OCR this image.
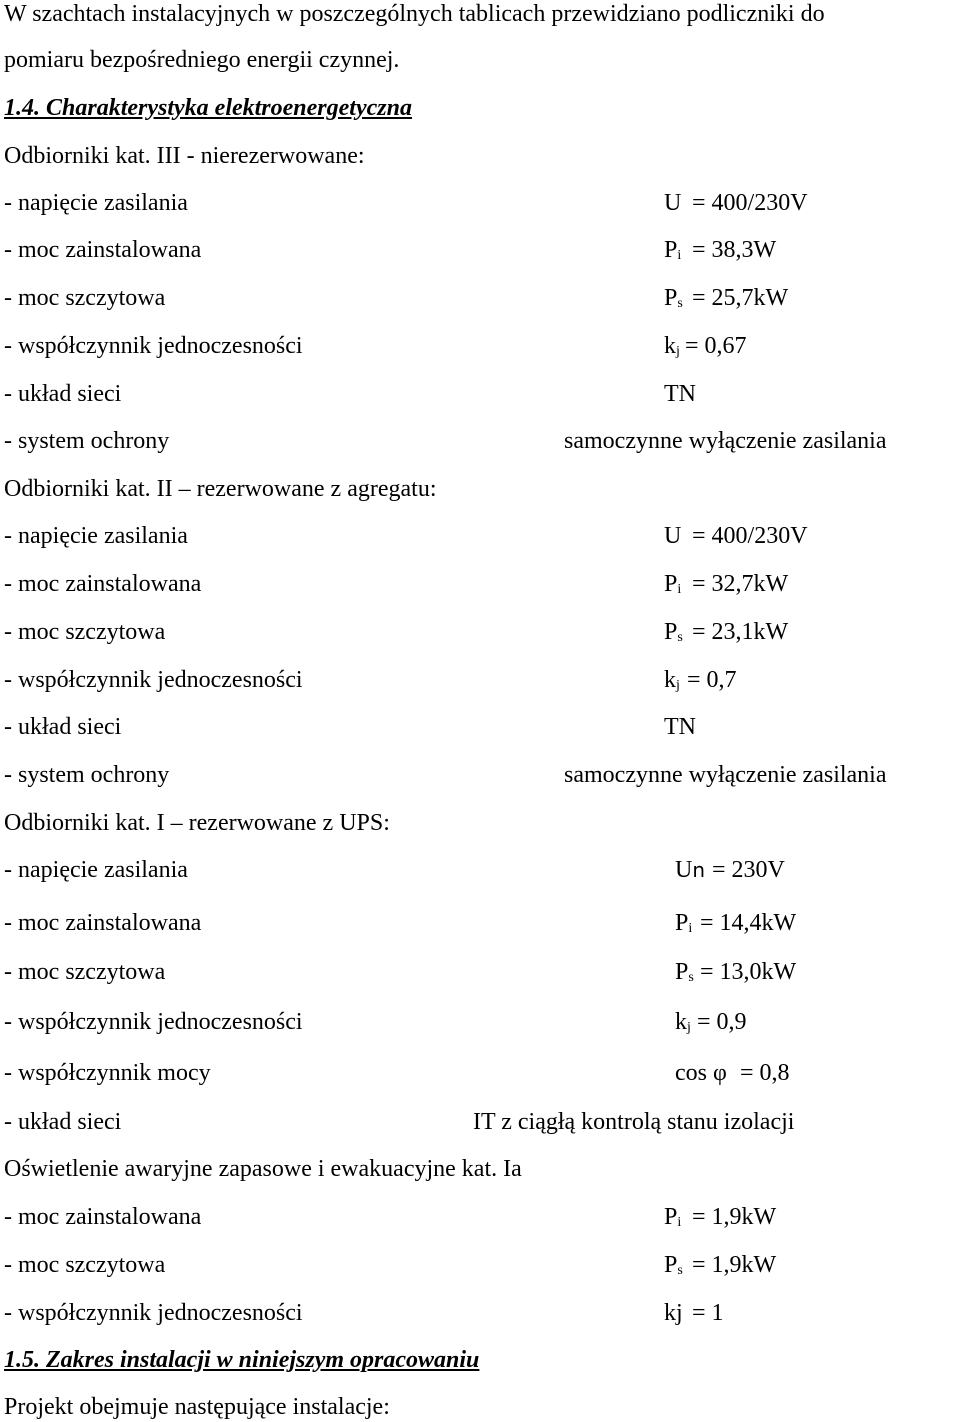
W szachtach instalacyjnych w poszczególnych tablicach przewidziano podliczniki do
pomiaru bezpośredniego energii czynnej.
1.4. Charakterystyka elektroenergetyczna
Odbiorniki kat. III - nierezerwowane:
- napięcie zasilania	U = 400/230V
- moc zainstalowana	$P_i = 38,3W$
- moc szczytowa	$P_s = 25,7kW$
- współczynnik jednoczesności	$k_j = 0,67$
- układ sieci	TN
- system ochrony	samoczynne wyłączenie zasilania
Odbiorniki kat. II – rezerwowane z agregatu:
- napięcie zasilania	U = 400/230V
- moc zainstalowana	$P_i = 32,7kW$
- moc szczytowa	$P_s = 23,1kW$
- współczynnik jednoczesności	$k_j = 0,7$
- układ sieci	TN
- system ochrony	samoczynne wyłączenie zasilania
Odbiorniki kat. I – rezerwowane z UPS:
- napięcie zasilania	Un = 230V
- moc zainstalowana	$P_i = 14,4kW$
- moc szczytowa	$P_s = 13,0kW$
- współczynnik jednoczesności	$k_j = 0,9$
- współczynnik mocy	cos φ = 0,8
- układ sieci	IT z ciągłą kontrolą stanu izolacji
Oświetlenie awaryjne zapasowe i ewakuacyjne kat. Ia
- moc zainstalowana	$P_i = 1,9kW$
- moc szczytowa	$P_s = 1,9kW$
- współczynnik jednoczesności	kj = 1
1.5. Zakres instalacji w niniejszym opracowaniu
Projekt obejmuje następujące instalacje:
